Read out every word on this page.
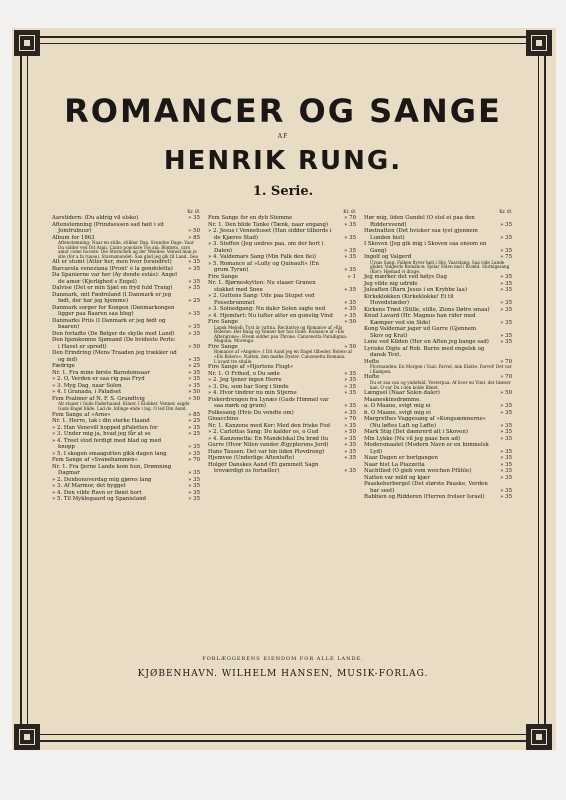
ROMANCER OG SANGE
AF
HENRIK RUNG.
1. Serie.
Kr. Ø.
Aarstidern: (Du aldrig vil elske)	» 35
Aftenstemning (Prindsessen sad høit i sit Jomfrubuur)	» 50
Album for 1863	» 85
Aftenstemning: Naar en stille, stilkler Dag. Svundne Dage: Vaar Du sidder ved Dit Aran. Canto popolare Tos ani: Blomsts, caro amor come faceste. Die Sternchen ag der Wendes: Vemod man je site (for a fa ruuse). Stavnsmondet: Saa glad jeg gik til Land.. bea
Alt er stumt (Atter her, men hvor forandret)	» 35
Barcarola veneziana (Pront' è la gondoletta)	» 35
Da Spanierne var her (Ay donde estás): Angel de amor (Kjerlighed s Engel)	» 35
Dalvise (Det er min Sjæl en fryd fuld Trang)	» 35
Danmark, mit Fædreland (I Danmark er jeg født, der har jeg hjemme)	» 25
Danmark sorger for Kongen (Danmarkongen ligger paa Baaren saa bleg)	» 35
Danmarks Priis (I Danmark er jeg født og baaren)	» 35
Den forladte (De Bølger de skylle mod Land)	» 35
Den hjemkomne Sjømand (De hvideste Perle: i Havet er spredt)	» 50
Den Erindring (Mens Traaden jeg trækker ud og ind)	» 35
Fædrige	» 25
Nr. 1. Fra mine første Barndomsaar	» 35
» 2. O, Verden er saa rig paa Fryd	» 35
» 3. Myg Dag, naar Solen	» 35
» 4. I Granada, i Paladset	» 50
Fem Psalmer af N. F. S. Grundtvig	» 50
Alt staaer i Guds Faderhaand. Kimer, I Klokker. Venner, sagde Guds Engel blide. Lad do, kilinge ende i lag. O led Din Aand.
Fem Sange af »Arne«	» 85
Nr. 1. Herre, tak i din sterke Haand	» 25
» 2. Han Venevill hopped pFaletten for	» 35
» 3. Under mig ja, hvad jeg får at se	» 25
» 4. Treet stod ferdigt med blad og med knopp	» 35
» 5. I skogen smaagutten gikk dagen lang	» 35
Fem Sange af »Svanehammen«	» 70
Nr. 1. Fra fjerne Lande kom hun, Drømning Dagmar	» 35
» 2. Denbonoverdag mig gjøres lang	» 35
» 3. Af Marmor, det bygget	» 35
» 4. Den vilde Ravn er fløiet bort	» 35
» 5. Til Myklegaard og Spanieland	» 35
Kr. Ø.
Fem Sange for en dyb Stemme	» 70
Nr. 1. Den blide Tanke (Tænk, naar engang)	» 35
» 2. Jesus i Vennehuset (Han sidder tilbords i de Kjæres Stad)	» 35
» 3. Steffen (Jeg undres paa, om der bort i Dalen)	» 35
» 4. Valdemars Sang (Min Falk den flei)	» 35
» 5. Romance af »Lully og Quinault« (En grum Tyran)	» 35
Fire Sange	» 1
Nr. 1. Bjørneskytten: Nu staaer Granen stakket med Snee	» 35
» 2. Guttens Sang: Ude paa Stupet ved Fossebrummet	» 35
» 3. Solnedgang: Nu daler Solen sagte ned	» 35
» 4. Hjemfart: Nu lufter atter en gunstig Vind	» 35
Fire Sange	» 50
Lapsk Melodi: Tyst är vattna. Recitative og Romance af »Els Bolerne: Her Baag og Venner her hos Ende. Romance af »Els Afterarone«: Hvem sidder paa Throne. Canzonetta Paradigma: Magolia, Morenga.
Fire Sange	» 50
Romance af »Angelo«: I Dit Aand jeg en Engel tilbeder. Bolero af »Els Bolero«: Natten, den mørke Dyster. Canzonetta Romana. L'avant tre sitalle.
Fire Sange af »Hjortens Flugt«
Nr. 1. O Frihed, o Du søde	» 35
» 2. Jeg tjener ingen Herre	» 35
» 3. Du, som har Sorg i Sinde	» 35
» 4. Hvor tindrer nu min Stjerne	» 35
Fiskerdrengen fra Lynæs (Guds Himmel var saa mørk og grum)	» 35
Folkesang (Hvis Du vendte om)	» 35
Gioacchino	» 70
Nr. 1. Kanzone med Kor: Med den friske Fod	» 35
» 2. Carlottas Sang: Du kalder os, o Gud	» 50
» 4. Kanzonetta: En Mandelskal Du brød itu	» 35
Gurre (Hvor Nilen vander Ægypterens Jord)	» 35
Hans Tausen: Det var hin liden Plovdreng)	» 35
Hjemvee (Underlige Aftenlufte)	» 35
Holger Danskes Aand (Et gammelt Sagn troværdigt os fortæller)	» 35
Kr. Ø.
Hør mig, liden Gundel (O stol ei paa den Riddersvend)	» 35
Høstnatten (Det hvisker saa tyst gjennem Lunden hist)	» 35
I Skoven (Jeg gik mig i Skoven saa ensom en Gang)	» 35
Ingolf og Valgerd	» 75
Ursas Sang: Falken flyver høit i Sky. Vaarslang: Saa vide Lande glider. Valgerds Romance: Sjelar Solen ned i Kvæld. Slutnigssang (Kor): Hjemad vi drage.
Jeg mærker det ved hølys Dag	» 35
Jeg vilde nig udride	» 35
Juleaften (Barn Jesus i en Krybbe laa)	» 35
Kirkeklokken (Kirkeklokke! Ei til Hovedstæder)	» 35
Kirkens Trøst (Stille, stille, Zions Døtre smaa)	» 35
Knud Lavard (Hr. Magnus han rider med Kæmper ved sin Side)	» 35
Kong Valdemar jager ud Gurre (Gjennem Skov og Krat)	» 35
Lene ved Kilden (Her en Aften jeg bange sad)	» 35
Lyriske Digte af Rob. Burns med engelsk og dansk Text.
Hefte	» 70
Plovmanden: En Morgen i Vaar. Farvel, min Elskte. Farvel! Det var i Kampen.
Hefte	» 70
Du er saa van og yndefuld. Vesterpaa: Af hver en Vind, der blæser kan. O var Du i den kolde Blæst.
Længsel (Naar Solen daler)	» 50
Maaneskinsdrømme.
a. O Maane, svigt mig ei	» 35
b. O Maane, svigt mig ei	» 35
Margrethes Vuggesang af »Kongsæmnerne« (Nu løftes Laft og Løfte)	» 35
Mark Stig (Det dæmrerd alt i Skoven)	» 35
Min Lykke (Nu vil jeg gaae hen ad)	» 35
Modersmaalet (Modern Navn er en himmelsk Lyd)	» 35
Naar Dagen er bortgangen	» 35
Naar hist La Piazzetta	» 35
Nachtlied (O gieb vom weichen Pfühle)	» 35
Natten var mild og kjær	» 35
Paaskeherberget (Det største Paaske, Verden har seet)	» 35
Rabbien og Ridderen (Herren frelser Israel)	» 35
FORLÆGGERENS EIENDOM FOR ALLE LANDE.
KJØBENHAVN. WILHELM HANSEN, MUSIK-FORLAG.
